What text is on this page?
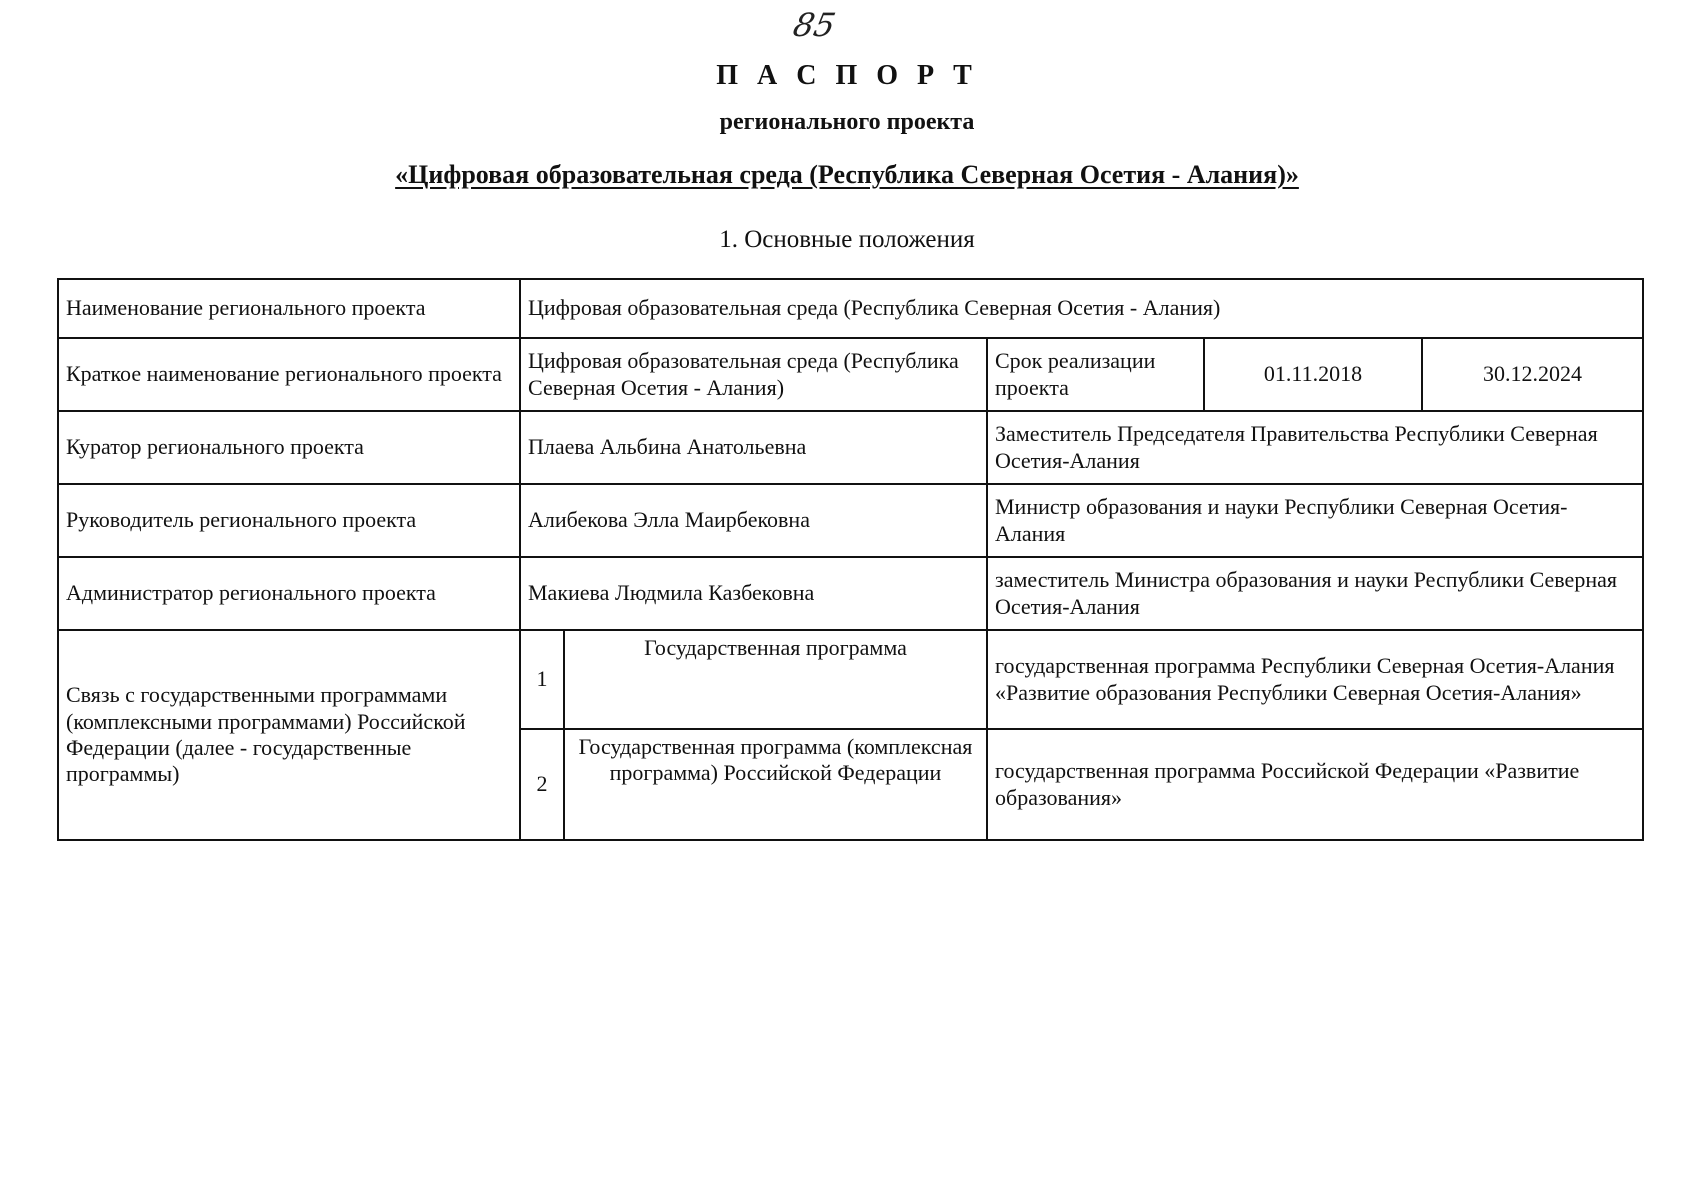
85
П А С П О Р Т
регионального проекта
«Цифровая образовательная среда (Республика Северная Осетия - Алания)»
1. Основные положения
Наименование регионального проекта	Цифровая образовательная среда (Республика Северная Осетия - Алания)				
Краткое наименование регионального проекта	Цифровая образовательная среда (Республика Северная Осетия - Алания)		Срок реализации проекта	01.11.2018	30.12.2024
Куратор регионального проекта	Плаева Альбина Анатольевна		Заместитель Председателя Правительства Республики Северная Осетия-Алания		
Руководитель регионального проекта	Алибекова Элла Маирбековна		Министр образования и науки Республики Северная Осетия-Алания		
Администратор регионального проекта	Макиева Людмила Казбековна		заместитель Министра образования и науки Республики Северная Осетия-Алания		
Связь с государственными программами (комплексными программами) Российской Федерации (далее - государственные программы)	1	Государственная программа	государственная программа Республики Северная Осетия-Алания «Развитие образования Республики Северная Осетия-Алания»		
	2	Государственная программа (комплексная программа) Российской Федерации	государственная программа Российской Федерации «Развитие образования»		
